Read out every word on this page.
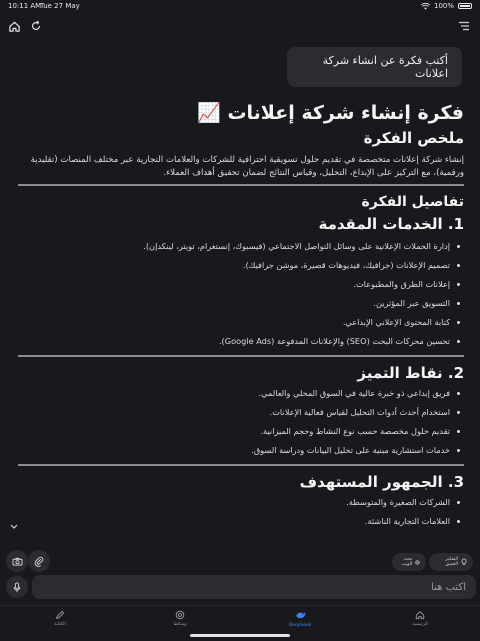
10:11 AM
Tue 27 May	100%
أكتب فكرة عن انشاء شركة اعلانات
فكرة إنشاء شركة إعلانات 📈
ملخص الفكرة

إنشاء شركة إعلانات متخصصة في تقديم حلول تسويقية احترافية للشركات والعلامات التجارية عبر مختلف المنصات (تقليدية ورقمية)، مع التركيز على الإبداع، التحليل، وقياس النتائج لضمان تحقيق أهداف العملاء.

تفاصيل الفكرة
1. الخدمات المقدمة
إدارة الحملات الإعلانية على وسائل التواصل الاجتماعي (فيسبوك، إنستغرام، تويتر، لينكدإن).
تصميم الإعلانات (جرافيك، فيديوهات قصيرة، موشن جرافيك).
إعلانات الطرق والمطبوعات.
التسويق عبر المؤثرين.
كتابة المحتوى الإعلاني الإبداعي.
تحسين محركات البحث (SEO) والإعلانات المدفوعة (Google Ads).
2. نقاط التميز
فريق إبداعي ذو خبرة عالية في السوق المحلي والعالمي.
استخدام أحدث أدوات التحليل لقياس فعالية الإعلانات.
تقديم حلول مخصصة حسب نوع النشاط وحجم الميزانية.
خدمات استشارية مبنية على تحليل البيانات ودراسة السوق.
3. الجمهور المستهدف
الشركات الصغيرة والمتوسطة.
العلامات التجارية الناشئة.
بحث الويب
التفكير العميق
أكتب هنا
الكتابة	وسائط	DeepSeek	الرئيسية
